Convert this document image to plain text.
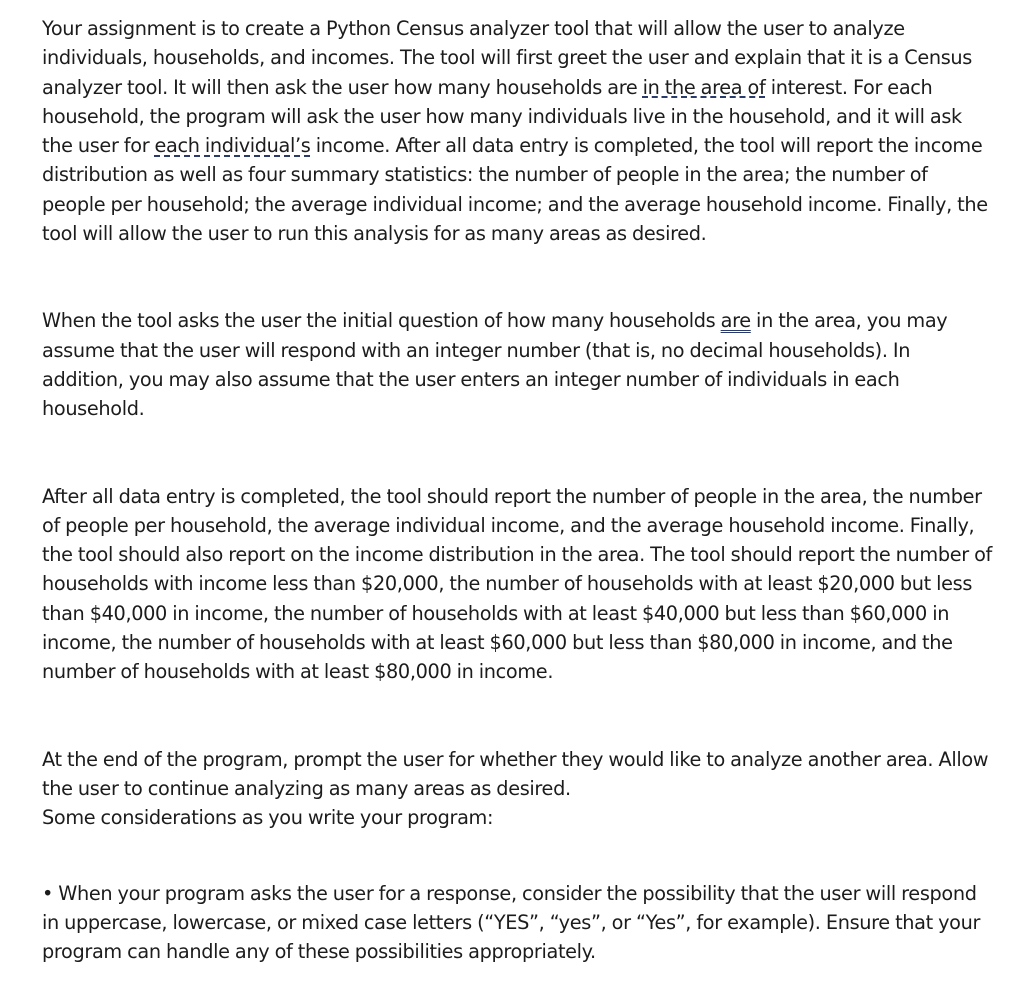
Your assignment is to create a Python Census analyzer tool that will allow the user to analyze individuals, households, and incomes. The tool will first greet the user and explain that it is a Census analyzer tool. It will then ask the user how many households are in the area of interest. For each household, the program will ask the user how many individuals live in the household, and it will ask the user for each individual’s income. After all data entry is completed, the tool will report the income distribution as well as four summary statistics: the number of people in the area; the number of people per household; the average individual income; and the average household income. Finally, the tool will allow the user to run this analysis for as many areas as desired.

When the tool asks the user the initial question of how many households are in the area, you may assume that the user will respond with an integer number (that is, no decimal households). In addition, you may also assume that the user enters an integer number of individuals in each household.

After all data entry is completed, the tool should report the number of people in the area, the number of people per household, the average individual income, and the average household income. Finally, the tool should also report on the income distribution in the area. The tool should report the number of households with income less than $20,000, the number of households with at least $20,000 but less than $40,000 in income, the number of households with at least $40,000 but less than $60,000 in income, the number of households with at least $60,000 but less than $80,000 in income, and the number of households with at least $80,000 in income.

At the end of the program, prompt the user for whether they would like to analyze another area. Allow the user to continue analyzing as many areas as desired.

Some considerations as you write your program:

• When your program asks the user for a response, consider the possibility that the user will respond in uppercase, lowercase, or mixed case letters (“YES”, “yes”, or “Yes”, for example). Ensure that your program can handle any of these possibilities appropriately.
